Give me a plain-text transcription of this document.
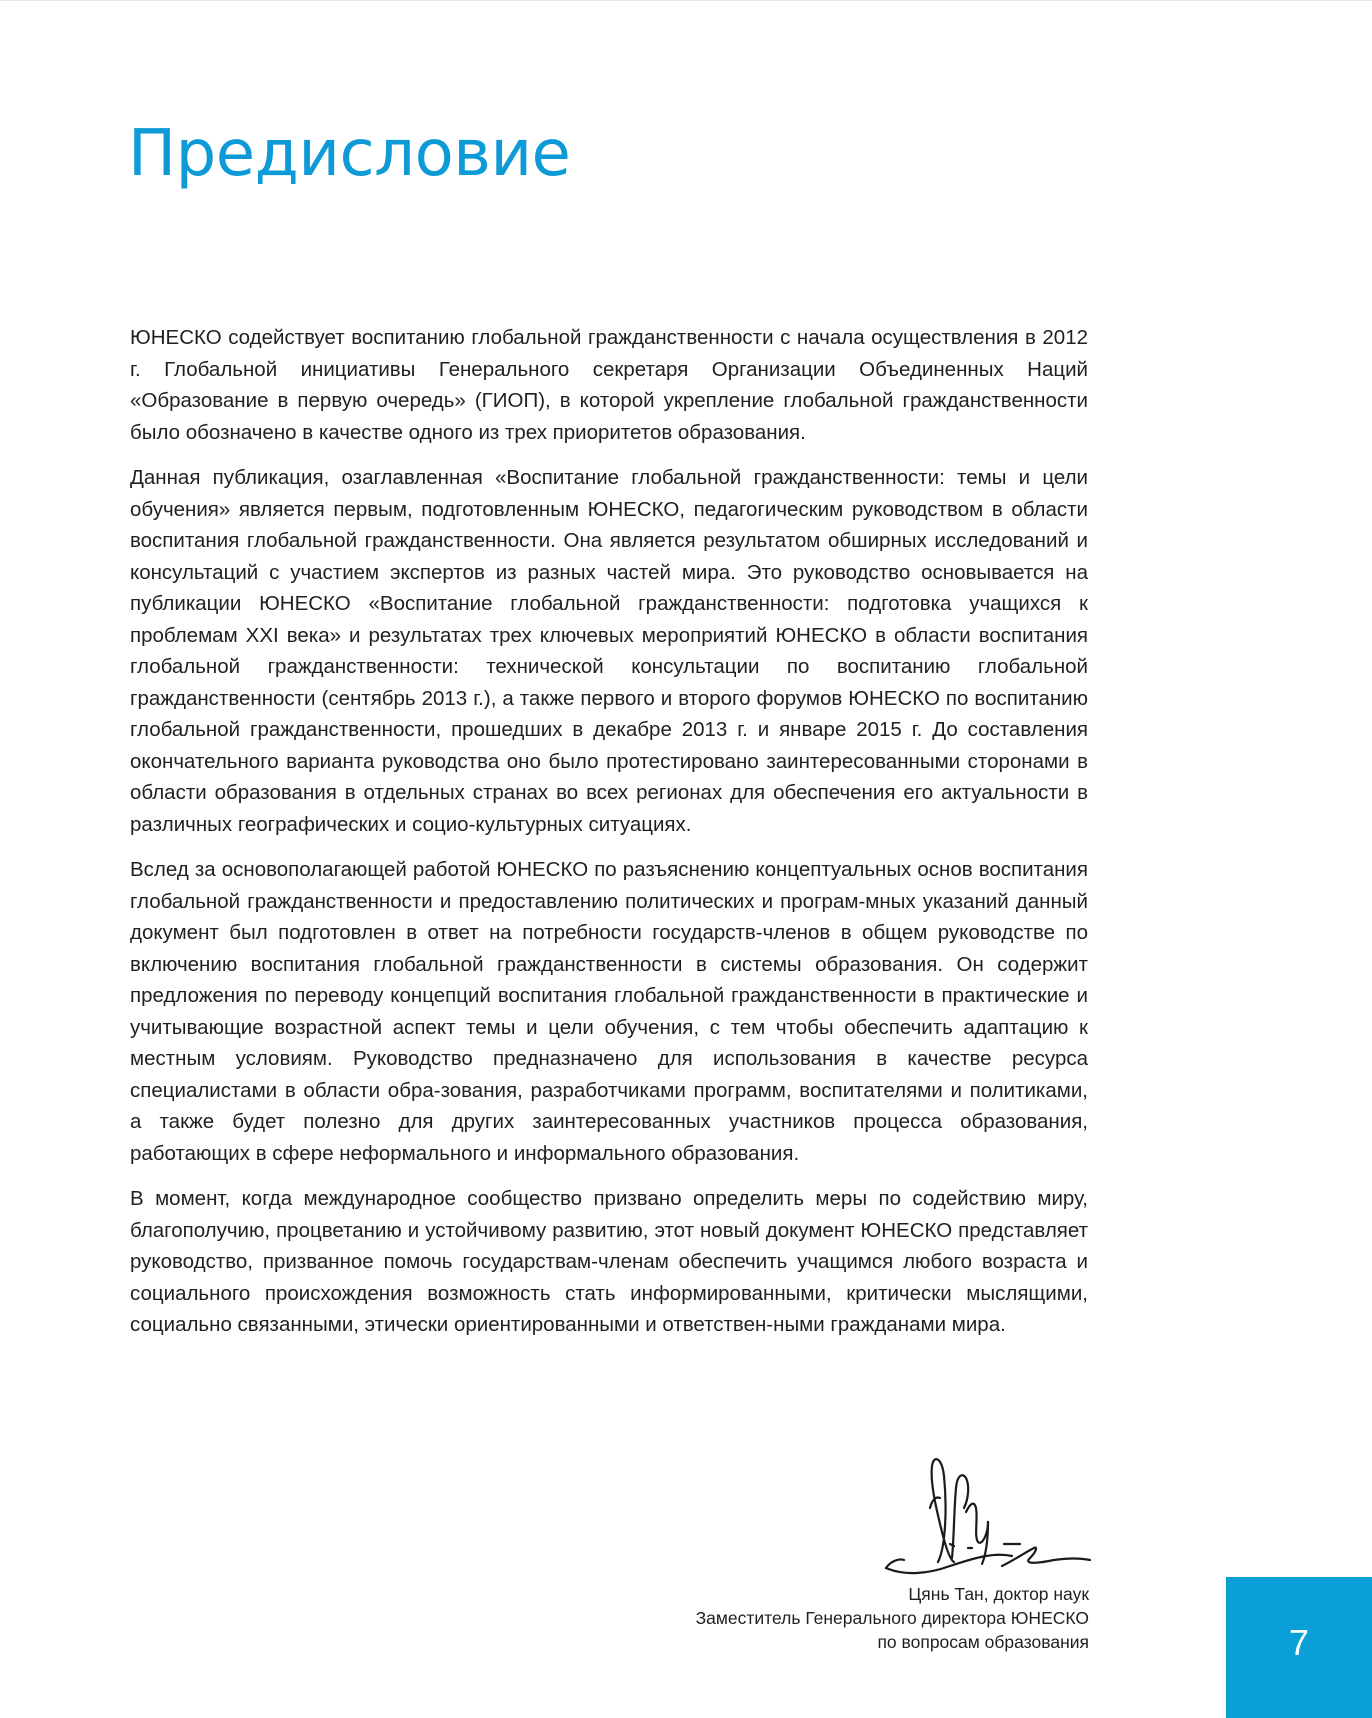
Предисловие

ЮНЕСКО содействует воспитанию глобальной гражданственности с начала осуществления в 2012 г. Глобальной инициативы Генерального секретаря Организации Объединенных Наций «Образование в первую очередь» (ГИОП), в которой укрепление глобальной гражданственности было обозначено в качестве одного из трех приоритетов образования.

Данная публикация, озаглавленная «Воспитание глобальной гражданственности: темы и цели обучения» является первым, подготовленным ЮНЕСКО, педагогическим руководством в области воспитания глобальной гражданственности. Она является результатом обширных исследований и консультаций с участием экспертов из разных частей мира. Это руководство основывается на публикации ЮНЕСКО «Воспитание глобальной гражданственности: подготовка учащихся к проблемам XXI века» и результатах трех ключевых мероприятий ЮНЕСКО в области воспитания глобальной гражданственности: технической консультации по воспитанию глобальной гражданственности (сентябрь 2013 г.), а также первого и второго форумов ЮНЕСКО по воспитанию глобальной гражданственности, прошедших в декабре 2013 г. и январе 2015 г. До составления окончательного варианта руководства оно было протестировано заинтересованными сторонами в области образования в отдельных странах во всех регионах для обеспечения его актуальности в различных географических и социо-культурных ситуациях.

Вслед за основополагающей работой ЮНЕСКО по разъяснению концептуальных основ воспитания глобальной гражданственности и предоставлению политических и програм-мных указаний данный документ был подготовлен в ответ на потребности государств-членов в общем руководстве по включению воспитания глобальной гражданственности в системы образования. Он содержит предложения по переводу концепций воспитания глобальной гражданственности в практические и учитывающие возрастной аспект темы и цели обучения, с тем чтобы обеспечить адаптацию к местным условиям. Руководство предназначено для использования в качестве ресурса специалистами в области обра-зования, разработчиками программ, воспитателями и политиками, а также будет полезно для других заинтересованных участников процесса образования, работающих в сфере неформального и информального образования.

В момент, когда международное сообщество призвано определить меры по содействию миру, благополучию, процветанию и устойчивому развитию, этот новый документ ЮНЕСКО представляет руководство, призванное помочь государствам-членам обеспечить учащимся любого возраста и социального происхождения возможность стать информированными, критически мыслящими, социально связанными, этически ориентированными и ответствен-ными гражданами мира.

Цянь Тан, доктор наук
Заместитель Генерального директора ЮНЕСКО
по вопросам образования	7
